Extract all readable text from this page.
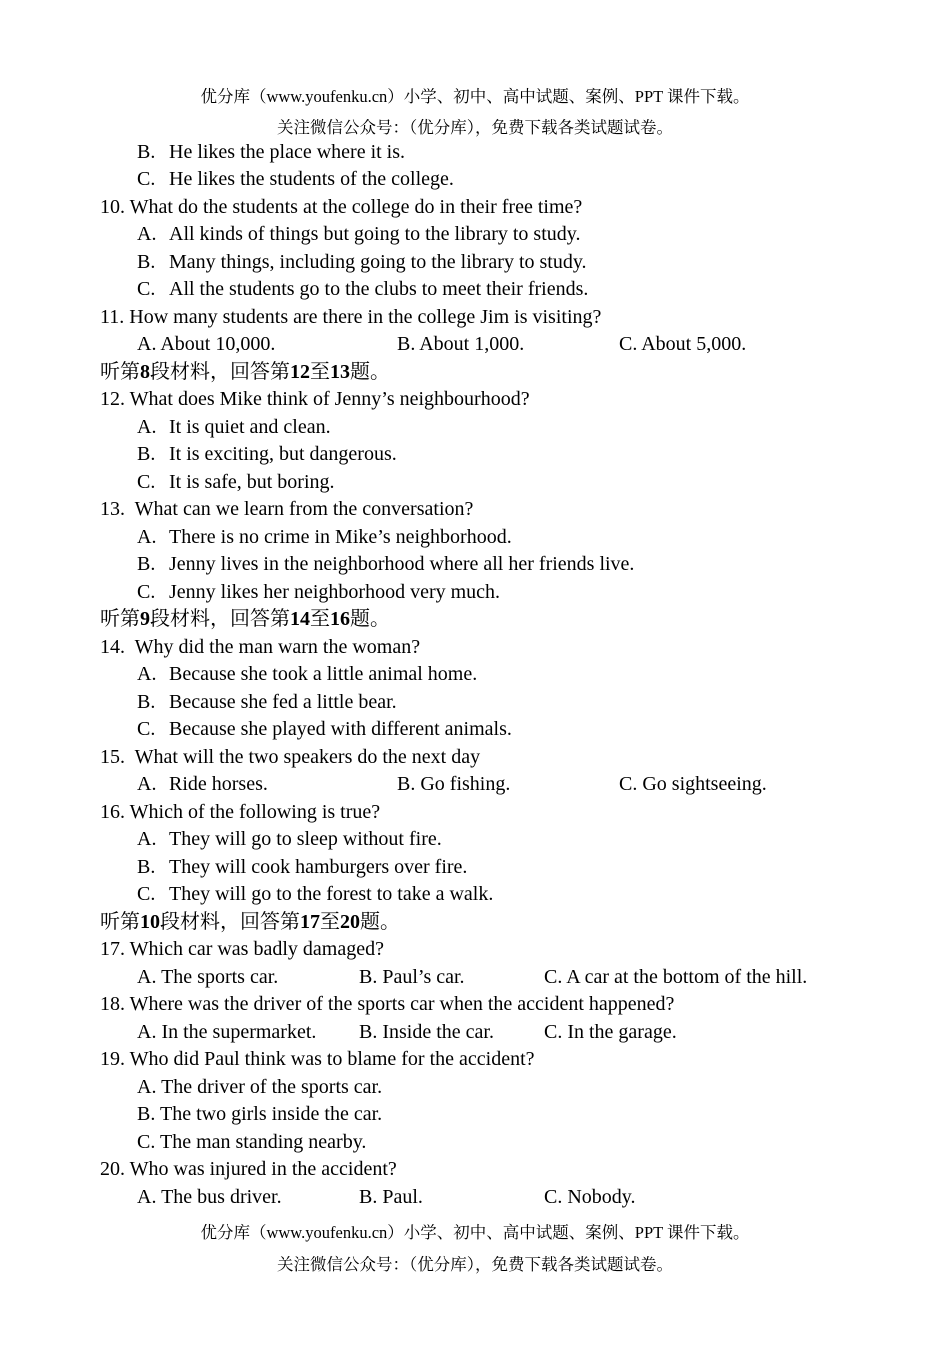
优分库（www.youfenku.cn）小学、初中、高中试题、案例、PPT 课件下载。
关注微信公众号：（优分库），免费下载各类试题试卷。
B. He likes the place where it is.
C. He likes the students of the college.
10. What do the students at the college do in their free time?
A. All kinds of things but going to the library to study.
B. Many things, including going to the library to study.
C. All the students go to the clubs to meet their friends.
11. How many students are there in the college Jim is visiting?
A. About 10,000.	B. About 1,000.	C. About 5,000.
听第8段材料，回答第12至13题。
12. What does Mike think of Jenny’s neighbourhood?
A. It is quiet and clean.
B. It is exciting, but dangerous.
C. It is safe, but boring.
13. What can we learn from the conversation?
A. There is no crime in Mike’s neighborhood.
B. Jenny lives in the neighborhood where all her friends live.
C. Jenny likes her neighborhood very much.
听第9段材料，回答第14至16题。
14. Why did the man warn the woman?
A. Because she took a little animal home.
B. Because she fed a little bear.
C. Because she played with different animals.
15. What will the two speakers do the next day
A. Ride horses.	B. Go fishing.	C. Go sightseeing.
16. Which of the following is true?
A. They will go to sleep without fire.
B. They will cook hamburgers over fire.
C. They will go to the forest to take a walk.
听第10段材料，回答第17至20题。
17. Which car was badly damaged?
A. The sports car.	B. Paul’s car.	C. A car at the bottom of the hill.
18. Where was the driver of the sports car when the accident happened?
A. In the supermarket. B. Inside the car.	C. In the garage.
19. Who did Paul think was to blame for the accident?
A. The driver of the sports car.
B. The two girls inside the car.
C. The man standing nearby.
20. Who was injured in the accident?
A. The bus driver.	B. Paul.	C. Nobody.
优分库（www.youfenku.cn）小学、初中、高中试题、案例、PPT 课件下载。
关注微信公众号：（优分库），免费下载各类试题试卷。
